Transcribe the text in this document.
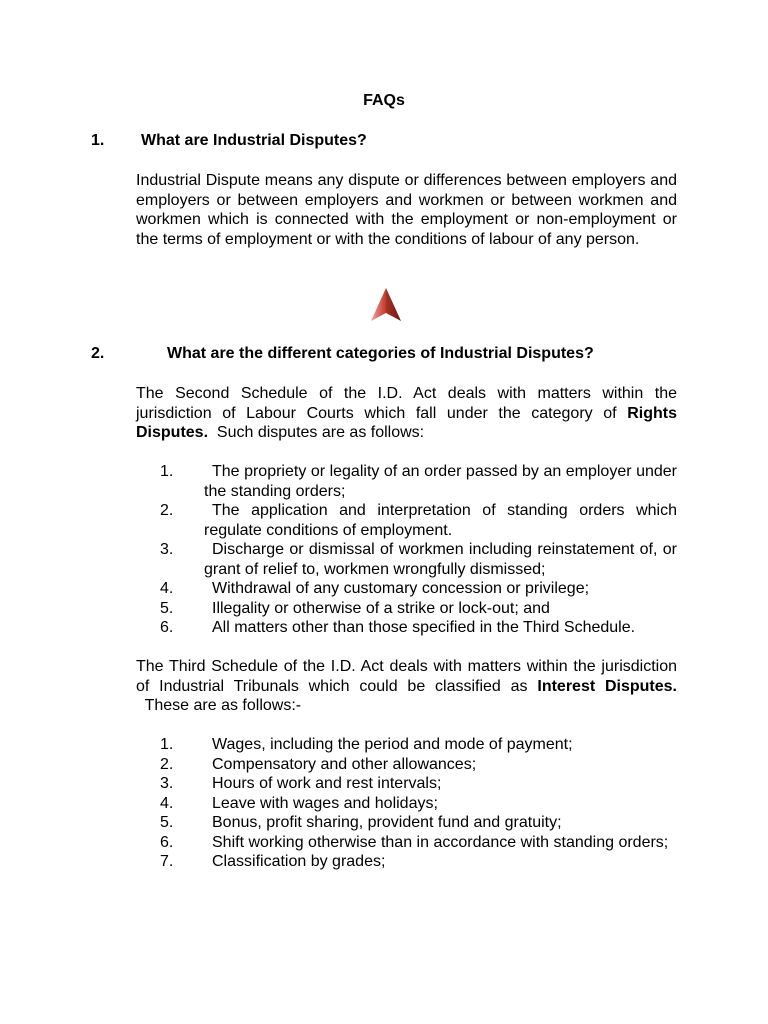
FAQs
1. What are Industrial Disputes?
Industrial Dispute means any dispute or differences between employers and employers or between employers and workmen or between workmen and workmen which is connected with the employment or non-employment or the terms of employment or with the conditions of labour of any person.
2.	What are the different categories of Industrial Disputes?
The Second Schedule of the I.D. Act deals with matters within the jurisdiction of Labour Courts which fall under the category of Rights Disputes.  Such disputes are as follows:
1. The propriety or legality of an order passed by an employer under the standing orders;
2. The application and interpretation of standing orders which regulate conditions of employment.
3. Discharge or dismissal of workmen including reinstatement of, or grant of relief to, workmen wrongfully dismissed;
4. Withdrawal of any customary concession or privilege;
5. Illegality or otherwise of a strike or lock-out; and
6. All matters other than those specified in the Third Schedule.
The Third Schedule of the I.D. Act deals with matters within the jurisdiction of Industrial Tribunals which could be classified as Interest Disputes.  These are as follows:-
1. Wages, including the period and mode of payment;
2. Compensatory and other allowances;
3. Hours of work and rest intervals;
4. Leave with wages and holidays;
5. Bonus, profit sharing, provident fund and gratuity;
6. Shift working otherwise than in accordance with standing orders;
7. Classification by grades;
